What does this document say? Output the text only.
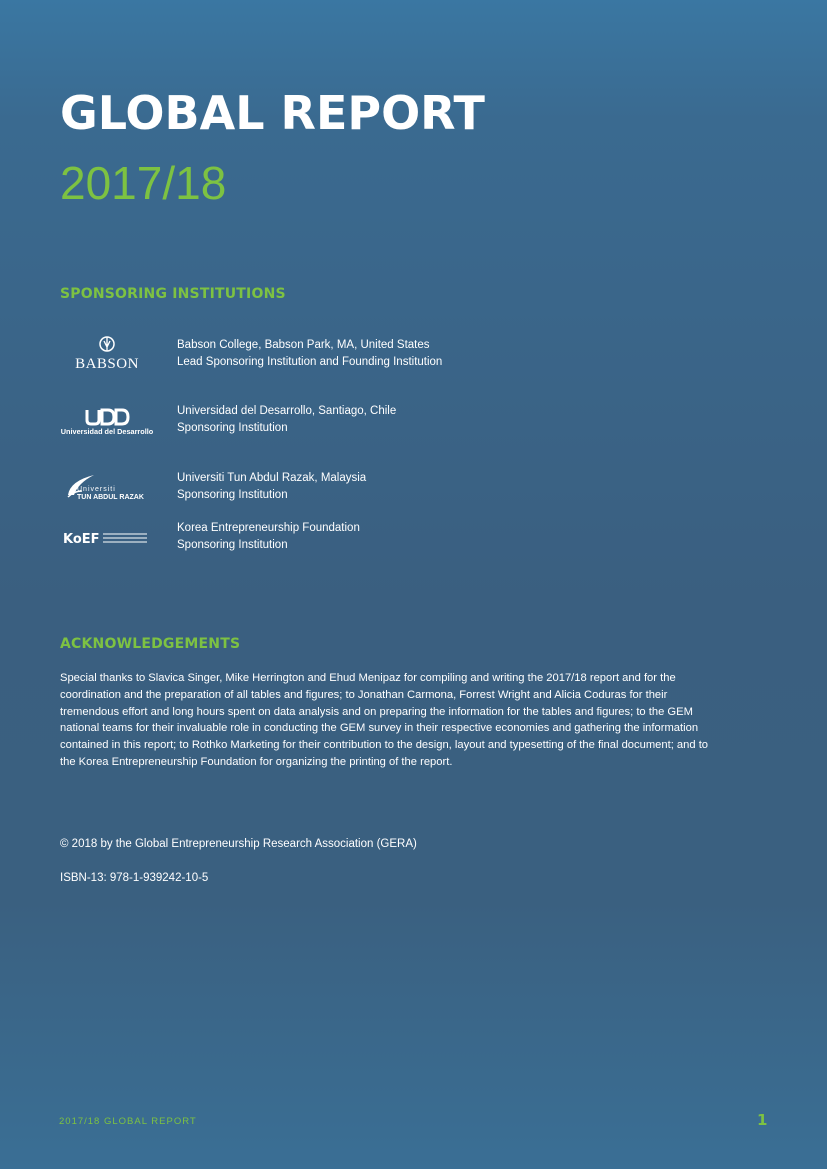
GLOBAL REPORT
2017/18
SPONSORING INSTITUTIONS
BABSON
Babson College, Babson Park, MA, United States
Lead Sponsoring Institution and Founding Institution
Universidad del Desarrollo
Universidad del Desarrollo, Santiago, Chile
Sponsoring Institution
Universiti
TUN ABDUL RAZAK
Universiti Tun Abdul Razak, Malaysia
Sponsoring Institution
KoEF
Korea Entrepreneurship Foundation
Sponsoring Institution
ACKNOWLEDGEMENTS

Special thanks to Slavica Singer, Mike Herrington and Ehud Menipaz for compiling and writing the 2017/18 report and for the coordination and the preparation of all tables and figures; to Jonathan Carmona, Forrest Wright and Alicia Coduras for their tremendous effort and long hours spent on data analysis and on preparing the information for the tables and figures; to the GEM national teams for their invaluable role in conducting the GEM survey in their respective economies and gathering the information contained in this report; to Rothko Marketing for their contribution to the design, layout and typesetting of the final document; and to the Korea Entrepreneurship Foundation for organizing the printing of the report.

© 2018 by the Global Entrepreneurship Research Association (GERA)
ISBN-13: 978-1-939242-10-5
2017/18 GLOBAL REPORT	1
